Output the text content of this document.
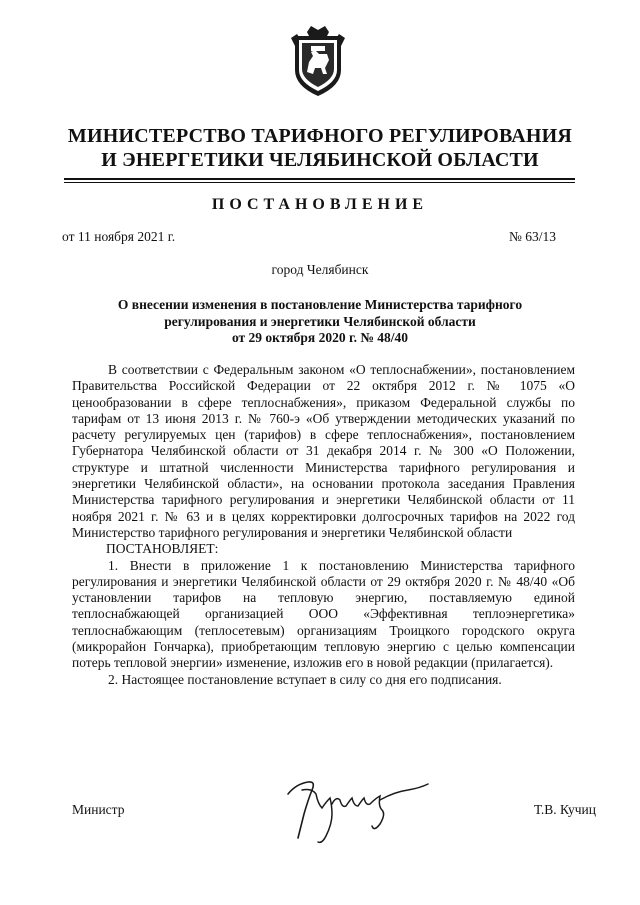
МИНИСТЕРСТВО ТАРИФНОГО РЕГУЛИРОВАНИЯ
И ЭНЕРГЕТИКИ ЧЕЛЯБИНСКОЙ ОБЛАСТИ
ПОСТАНОВЛЕНИЕ
от 11 ноября 2021 г.	№ 63/13
город Челябинск
О внесении изменения в постановление Министерства тарифного
регулирования и энергетики Челябинской области
от 29 октября 2020 г. № 48/40

В соответствии с Федеральным законом «О теплоснабжении», постановлением Правительства Российской Федерации от 22 октября 2012 г. № 1075 «О ценообразовании в сфере теплоснабжения», приказом Федеральной службы по тарифам от 13 июня 2013 г. № 760-э «Об утверждении методических указаний по расчету регулируемых цен (тарифов) в сфере теплоснабжения», постановлением Губернатора Челябинской области от 31 декабря 2014 г. № 300 «О Положении, структуре и штатной численности Министерства тарифного регулирования и энергетики Челябинской области», на основании протокола заседания Правления Министерства тарифного регулирования и энергетики Челябинской области от 11 ноября 2021 г. № 63 и в целях корректировки долгосрочных тарифов на 2022 год Министерство тарифного регулирования и энергетики Челябинской области

ПОСТАНОВЛЯЕТ:

1. Внести в приложение 1 к постановлению Министерства тарифного регулирования и энергетики Челябинской области от 29 октября 2020 г. № 48/40 «Об установлении тарифов на тепловую энергию, поставляемую единой теплоснабжающей организацией ООО «Эффективная теплоэнергетика» теплоснабжающим (теплосетевым) организациям Троицкого городского округа (микрорайон Гончарка), приобретающим тепловую энергию с целью компенсации потерь тепловой энергии» изменение, изложив его в новой редакции (прилагается).

2. Настоящее постановление вступает в силу со дня его подписания.

Министр	Т.В. Кучиц
